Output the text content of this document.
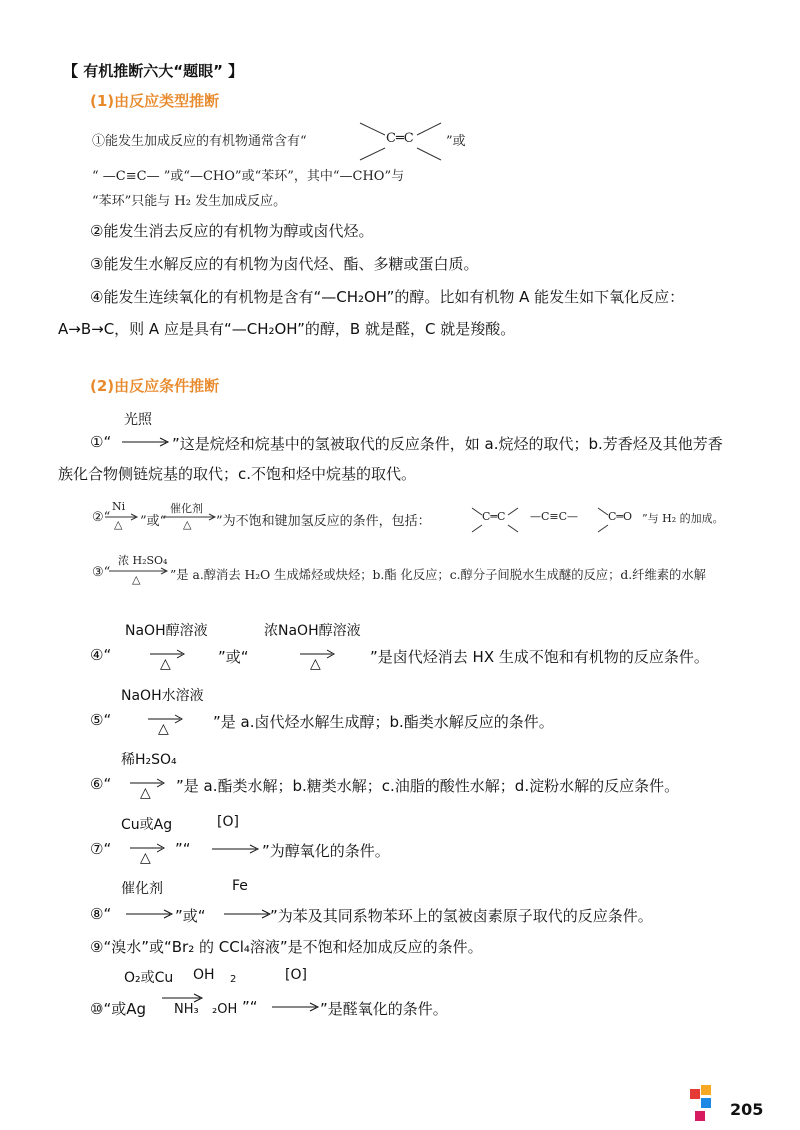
【 有机推断六大“题眼” 】
(1)由反应类型推断
①能发生加成反应的有机物通常含有“	C═C ”或
“ —C≡C— ”或“—CHO”或“苯环”，其中“—CHO”与
“苯环”只能与 H₂ 发生加成反应。
②能发生消去反应的有机物为醇或卤代烃。
③能发生水解反应的有机物为卤代烃、酯、多糖或蛋白质。
④能发生连续氧化的有机物是含有“—CH₂OH”的醇。比如有机物 A 能发生如下氧化反应：
A→B→C，则 A 应是具有“—CH₂OH”的醇，B 就是醛，C 就是羧酸。
(2)由反应条件推断
光照
①“	”这是烷烃和烷基中的氢被取代的反应条件，如 a.烷烃的取代；b.芳香烃及其他芳香
族化合物侧链烷基的取代；c.不饱和烃中烷基的取代。
②“
Ni
△ ”或“
催化剂
△ ”为不饱和键加氢反应的条件，包括：	C═C —C≡C—	C═O ”与 H₂ 的加成。
③“
浓 H₂SO₄
△ ”是 a.醇消去 H₂O 生成烯烃或炔烃；b.酯 化反应；c.醇分子间脱水生成醚的反应；d.纤维素的水解
NaOH醇溶液	浓NaOH醇溶液
④“	△	”或“	△	”是卤代烃消去 HX 生成不饱和有机物的反应条件。
NaOH水溶液
⑤“	△	”是 a.卤代烃水解生成醇；b.酯类水解反应的条件。
稀H₂SO₄
⑥“ △ ”是 a.酯类水解；b.糖类水解；c.油脂的酸性水解；d.淀粉水解的反应条件。
Cu或Ag	[O]
⑦“ △ ”“	”为醇氧化的条件。
催化剂	Fe
⑧“	”或“	”为苯及其同系物苯环上的氢被卤素原子取代的反应条件。
⑨“溴水”或“Br₂ 的 CCl₄溶液”是不饱和烃加成反应的条件。
O₂或Cu OH 2	[O]
⑩“或Ag NH₃ ₂OH ”“	”是醛氧化的条件。
205
